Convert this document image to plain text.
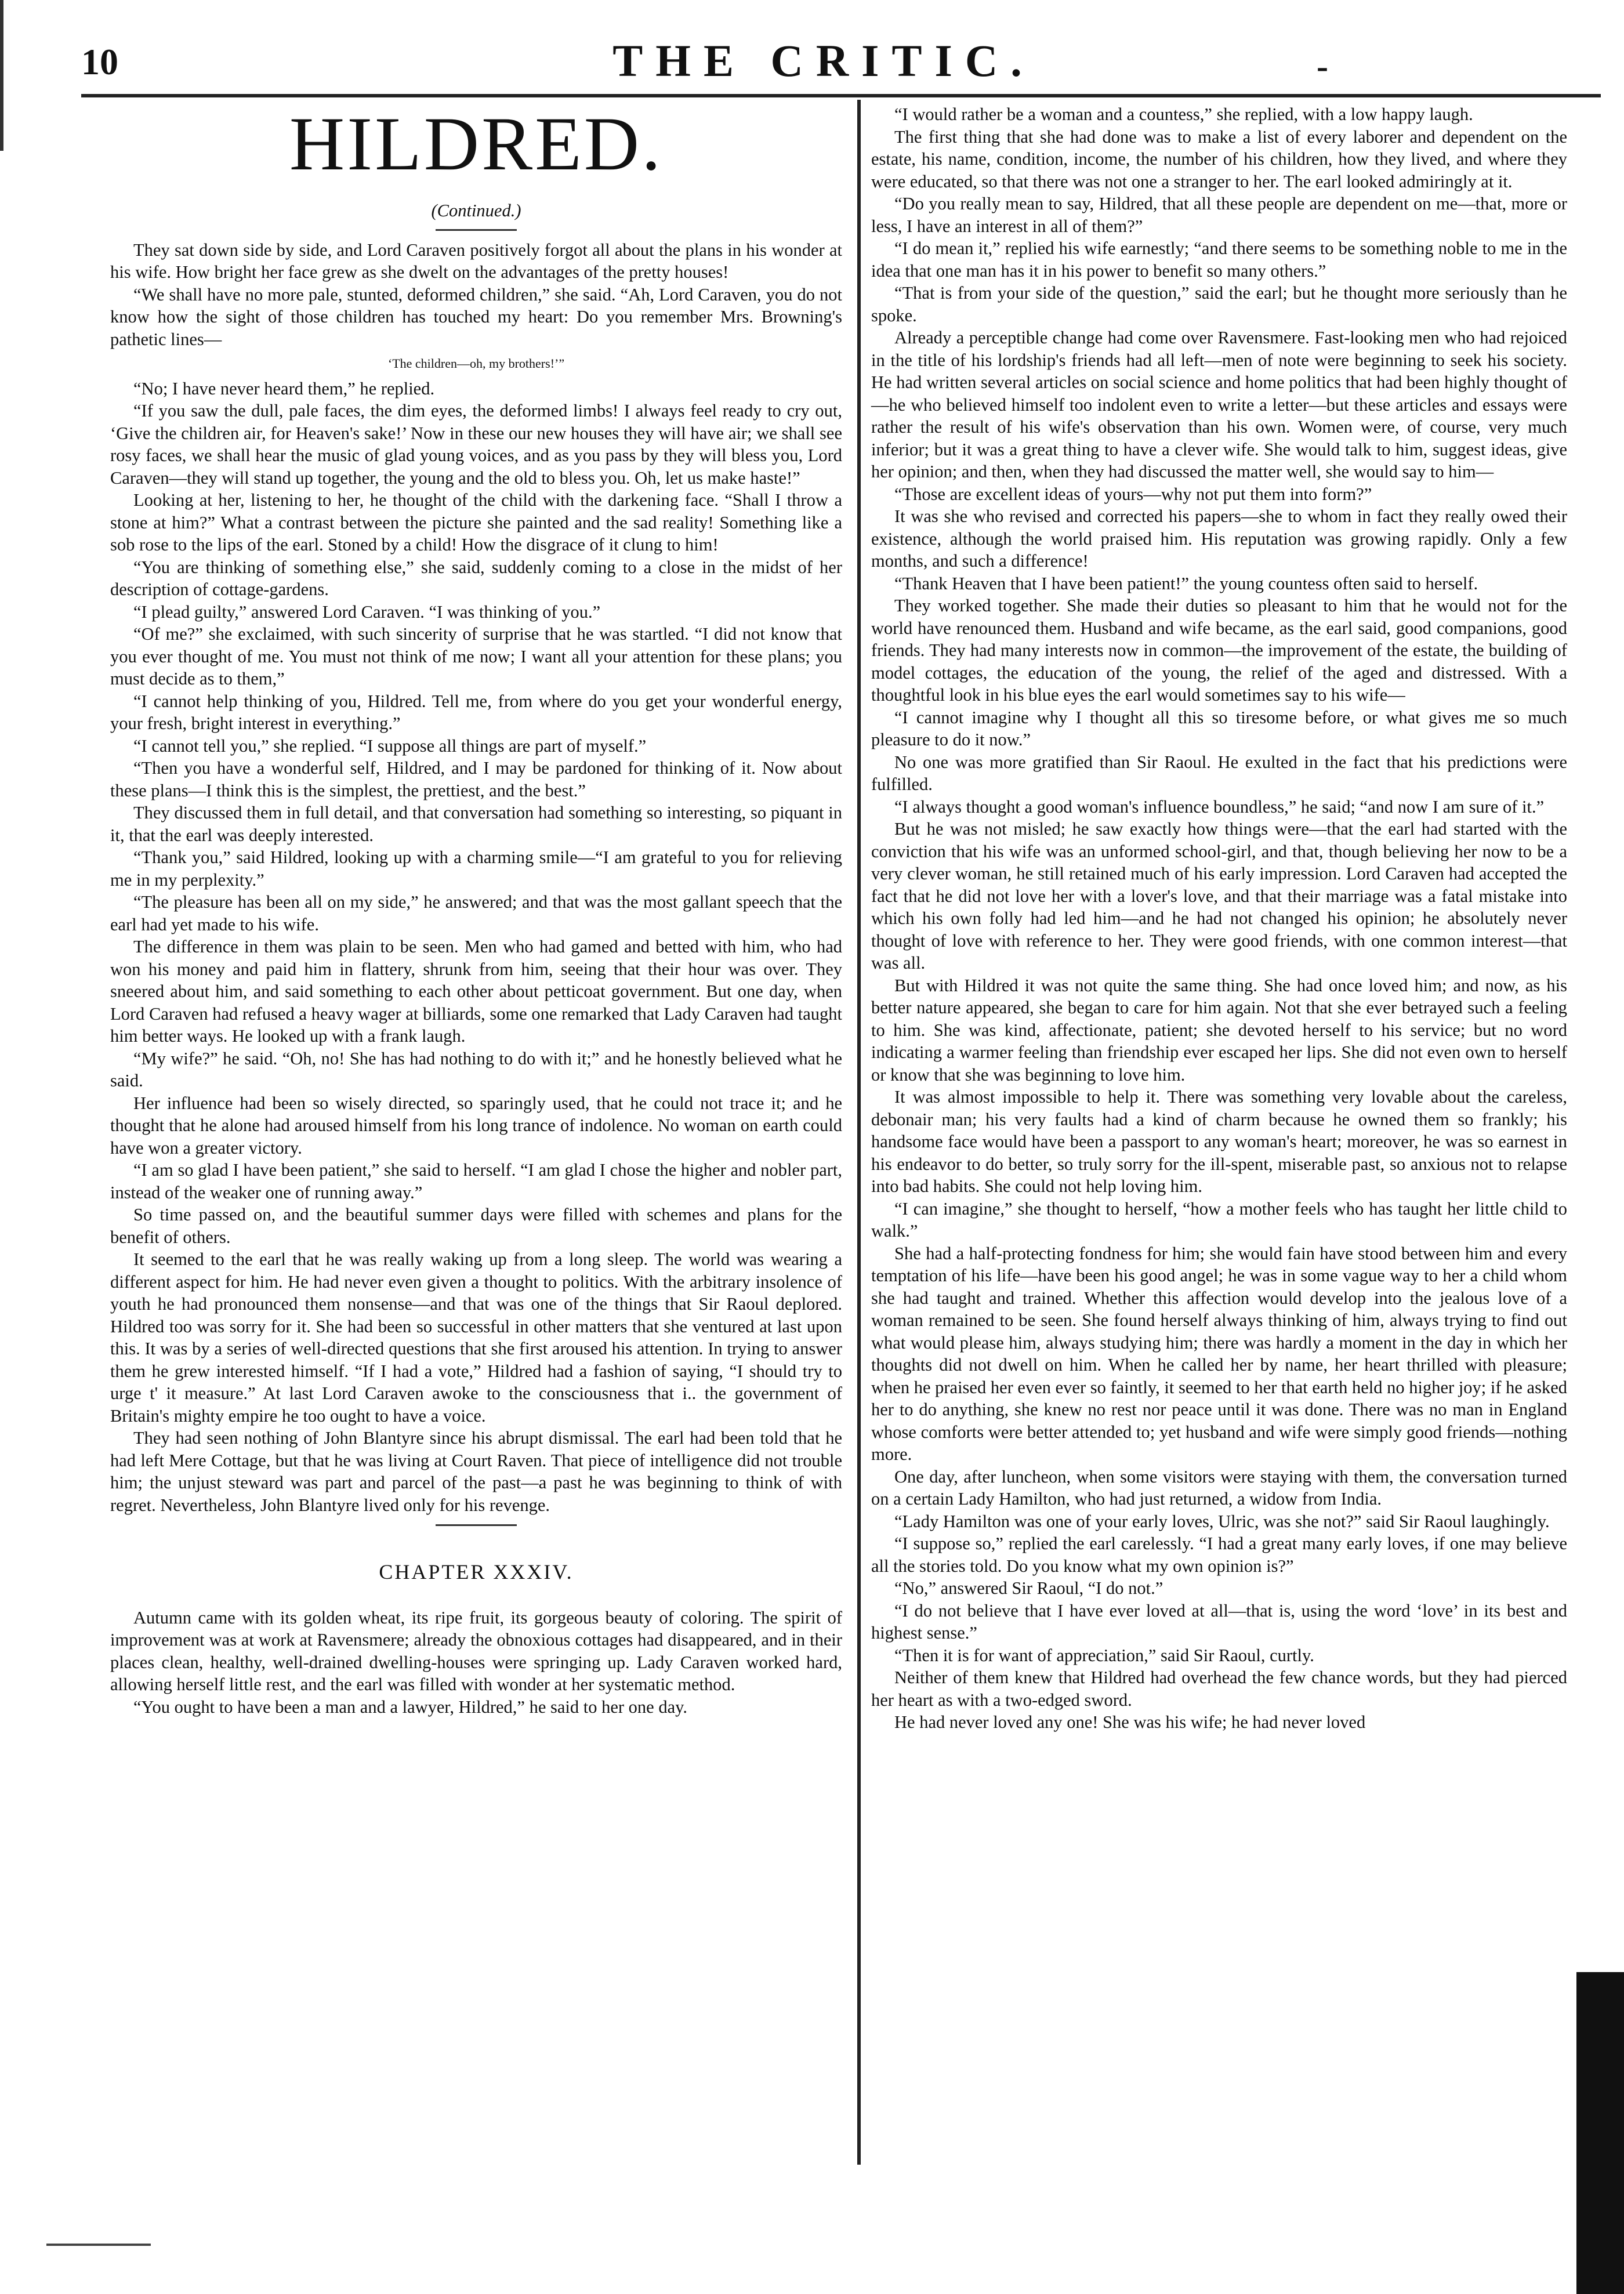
10	THE CRITIC.	-
HILDRED.

(Continued.)

They sat down side by side, and Lord Caraven positively forgot all about the plans in his wonder at his wife. How bright her face grew as she dwelt on the advantages of the pretty houses!

“We shall have no more pale, stunted, deformed children,” she said. “Ah, Lord Caraven, you do not know how the sight of those children has touched my heart: Do you remember Mrs. Browning's pathetic lines—

‘The children—oh, my brothers!’”

“No; I have never heard them,” he replied.

“If you saw the dull, pale faces, the dim eyes, the deformed limbs! I always feel ready to cry out, ‘Give the children air, for Heaven's sake!’ Now in these our new houses they will have air; we shall see rosy faces, we shall hear the music of glad young voices, and as you pass by they will bless you, Lord Caraven—they will stand up together, the young and the old to bless you. Oh, let us make haste!”

Looking at her, listening to her, he thought of the child with the darkening face. “Shall I throw a stone at him?” What a contrast between the picture she painted and the sad reality! Something like a sob rose to the lips of the earl. Stoned by a child! How the disgrace of it clung to him!

“You are thinking of something else,” she said, suddenly coming to a close in the midst of her description of cottage-gardens.

“I plead guilty,” answered Lord Caraven. “I was thinking of you.”

“Of me?” she exclaimed, with such sincerity of surprise that he was startled. “I did not know that you ever thought of me. You must not think of me now; I want all your attention for these plans; you must decide as to them,”

“I cannot help thinking of you, Hildred. Tell me, from where do you get your wonderful energy, your fresh, bright interest in everything.”

“I cannot tell you,” she replied. “I suppose all things are part of myself.”

“Then you have a wonderful self, Hildred, and I may be pardoned for thinking of it. Now about these plans—I think this is the simplest, the prettiest, and the best.”

They discussed them in full detail, and that conversation had something so interesting, so piquant in it, that the earl was deeply interested.

“Thank you,” said Hildred, looking up with a charming smile—“I am grateful to you for relieving me in my perplexity.”

“The pleasure has been all on my side,” he answered; and that was the most gallant speech that the earl had yet made to his wife.

The difference in them was plain to be seen. Men who had gamed and betted with him, who had won his money and paid him in flattery, shrunk from him, seeing that their hour was over. They sneered about him, and said something to each other about petticoat government. But one day, when Lord Caraven had refused a heavy wager at billiards, some one remarked that Lady Caraven had taught him better ways. He looked up with a frank laugh.

“My wife?” he said. “Oh, no! She has had nothing to do with it;” and he honestly believed what he said.

Her influence had been so wisely directed, so sparingly used, that he could not trace it; and he thought that he alone had aroused himself from his long trance of indolence. No woman on earth could have won a greater victory.

“I am so glad I have been patient,” she said to herself. “I am glad I chose the higher and nobler part, instead of the weaker one of running away.”

So time passed on, and the beautiful summer days were filled with schemes and plans for the benefit of others.

It seemed to the earl that he was really waking up from a long sleep. The world was wearing a different aspect for him. He had never even given a thought to politics. With the arbitrary insolence of youth he had pronounced them nonsense—and that was one of the things that Sir Raoul deplored. Hildred too was sorry for it. She had been so successful in other matters that she ventured at last upon this. It was by a series of well-directed questions that she first aroused his attention. In trying to answer them he grew interested himself. “If I had a vote,” Hildred had a fashion of saying, “I should try to urge t' it measure.” At last Lord Caraven awoke to the consciousness that i.. the government of Britain's mighty empire he too ought to have a voice.

They had seen nothing of John Blantyre since his abrupt dismissal. The earl had been told that he had left Mere Cottage, but that he was living at Court Raven. That piece of intelligence did not trouble him; the unjust steward was part and parcel of the past—a past he was beginning to think of with regret. Nevertheless, John Blantyre lived only for his revenge.

CHAPTER XXXIV.

Autumn came with its golden wheat, its ripe fruit, its gorgeous beauty of coloring. The spirit of improvement was at work at Ravensmere; already the obnoxious cottages had disappeared, and in their places clean, healthy, well-drained dwelling-houses were springing up. Lady Caraven worked hard, allowing herself little rest, and the earl was filled with wonder at her systematic method.

“You ought to have been a man and a lawyer, Hildred,” he said to her one day.

“I would rather be a woman and a countess,” she replied, with a low happy laugh.

The first thing that she had done was to make a list of every laborer and dependent on the estate, his name, condition, income, the number of his children, how they lived, and where they were educated, so that there was not one a stranger to her. The earl looked admiringly at it.

“Do you really mean to say, Hildred, that all these people are dependent on me—that, more or less, I have an interest in all of them?”

“I do mean it,” replied his wife earnestly; “and there seems to be something noble to me in the idea that one man has it in his power to benefit so many others.”

“That is from your side of the question,” said the earl; but he thought more seriously than he spoke.

Already a perceptible change had come over Ravensmere. Fast-looking men who had rejoiced in the title of his lordship's friends had all left—men of note were beginning to seek his society. He had written several articles on social science and home politics that had been highly thought of—he who believed himself too indolent even to write a letter—but these articles and essays were rather the result of his wife's observation than his own. Women were, of course, very much inferior; but it was a great thing to have a clever wife. She would talk to him, suggest ideas, give her opinion; and then, when they had discussed the matter well, she would say to him—

“Those are excellent ideas of yours—why not put them into form?”

It was she who revised and corrected his papers—she to whom in fact they really owed their existence, although the world praised him. His reputation was growing rapidly. Only a few months, and such a difference!

“Thank Heaven that I have been patient!” the young countess often said to herself.

They worked together. She made their duties so pleasant to him that he would not for the world have renounced them. Husband and wife became, as the earl said, good companions, good friends. They had many interests now in common—the improvement of the estate, the building of model cottages, the education of the young, the relief of the aged and distressed. With a thoughtful look in his blue eyes the earl would sometimes say to his wife—

“I cannot imagine why I thought all this so tiresome before, or what gives me so much pleasure to do it now.”

No one was more gratified than Sir Raoul. He exulted in the fact that his predictions were fulfilled.

“I always thought a good woman's influence boundless,” he said; “and now I am sure of it.”

But he was not misled; he saw exactly how things were—that the earl had started with the conviction that his wife was an unformed school-girl, and that, though believing her now to be a very clever woman, he still retained much of his early impression. Lord Caraven had accepted the fact that he did not love her with a lover's love, and that their marriage was a fatal mistake into which his own folly had led him—and he had not changed his opinion; he absolutely never thought of love with reference to her. They were good friends, with one common interest—that was all.

But with Hildred it was not quite the same thing. She had once loved him; and now, as his better nature appeared, she began to care for him again. Not that she ever betrayed such a feeling to him. She was kind, affectionate, patient; she devoted herself to his service; but no word indicating a warmer feeling than friendship ever escaped her lips. She did not even own to herself or know that she was beginning to love him.

It was almost impossible to help it. There was something very lovable about the careless, debonair man; his very faults had a kind of charm because he owned them so frankly; his handsome face would have been a passport to any woman's heart; moreover, he was so earnest in his endeavor to do better, so truly sorry for the ill-spent, miserable past, so anxious not to relapse into bad habits. She could not help loving him.

“I can imagine,” she thought to herself, “how a mother feels who has taught her little child to walk.”

She had a half-protecting fondness for him; she would fain have stood between him and every temptation of his life—have been his good angel; he was in some vague way to her a child whom she had taught and trained. Whether this affection would develop into the jealous love of a woman remained to be seen. She found herself always thinking of him, always trying to find out what would please him, always studying him; there was hardly a moment in the day in which her thoughts did not dwell on him. When he called her by name, her heart thrilled with pleasure; when he praised her even ever so faintly, it seemed to her that earth held no higher joy; if he asked her to do anything, she knew no rest nor peace until it was done. There was no man in England whose comforts were better attended to; yet husband and wife were simply good friends—nothing more.

One day, after luncheon, when some visitors were staying with them, the conversation turned on a certain Lady Hamilton, who had just returned, a widow from India.

“Lady Hamilton was one of your early loves, Ulric, was she not?” said Sir Raoul laughingly.

“I suppose so,” replied the earl carelessly. “I had a great many early loves, if one may believe all the stories told. Do you know what my own opinion is?”

“No,” answered Sir Raoul, “I do not.”

“I do not believe that I have ever loved at all—that is, using the word ‘love’ in its best and highest sense.”

“Then it is for want of appreciation,” said Sir Raoul, curtly.

Neither of them knew that Hildred had overhead the few chance words, but they had pierced her heart as with a two-edged sword.

He had never loved any one! She was his wife; he had never loved
